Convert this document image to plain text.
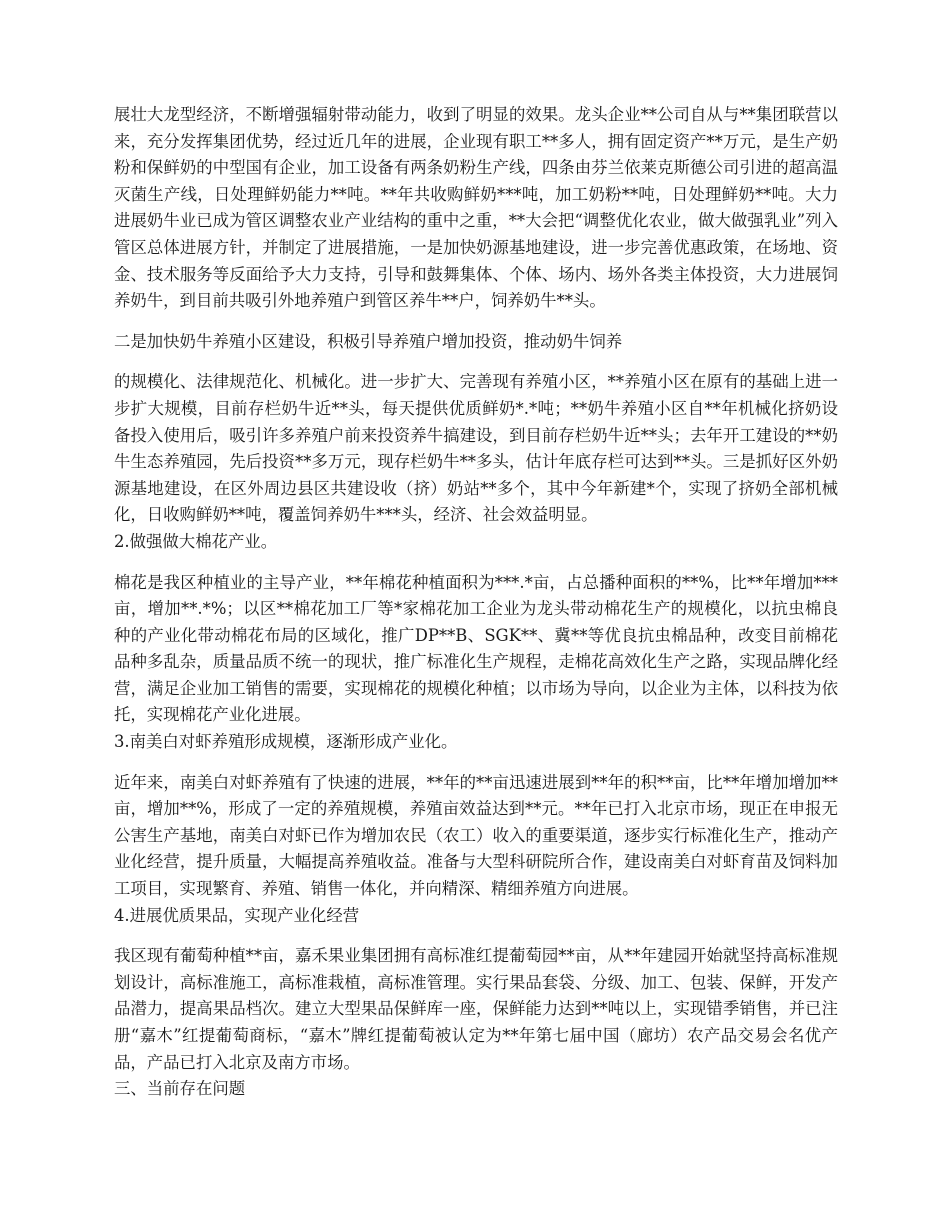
展壮大龙型经济，不断增强辐射带动能力，收到了明显的效果。龙头企业**公司自从与**集团联营以来，充分发挥集团优势，经过近几年的进展，企业现有职工**多人，拥有固定资产**万元，是生产奶粉和保鲜奶的中型国有企业，加工设备有两条奶粉生产线，四条由芬兰依莱克斯德公司引进的超高温灭菌生产线，日处理鲜奶能力**吨。**年共收购鲜奶***吨，加工奶粉**吨，日处理鲜奶**吨。大力进展奶牛业已成为管区调整农业产业结构的重中之重，**大会把“调整优化农业，做大做强乳业”列入管区总体进展方针，并制定了进展措施，一是加快奶源基地建设，进一步完善优惠政策，在场地、资金、技术服务等反面给予大力支持，引导和鼓舞集体、个体、场内、场外各类主体投资，大力进展饲养奶牛，到目前共吸引外地养殖户到管区养牛**户，饲养奶牛**头。

二是加快奶牛养殖小区建设，积极引导养殖户增加投资，推动奶牛饲养

的规模化、法律规范化、机械化。进一步扩大、完善现有养殖小区，**养殖小区在原有的基础上进一步扩大规模，目前存栏奶牛近**头，每天提供优质鲜奶*.*吨；**奶牛养殖小区自**年机械化挤奶设备投入使用后，吸引许多养殖户前来投资养牛搞建设，到目前存栏奶牛近**头；去年开工建设的**奶牛生态养殖园，先后投资**多万元，现存栏奶牛**多头，估计年底存栏可达到**头。三是抓好区外奶源基地建设，在区外周边县区共建设收（挤）奶站**多个，其中今年新建*个，实现了挤奶全部机械化，日收购鲜奶**吨，覆盖饲养奶牛***头，经济、社会效益明显。

2.做强做大棉花产业。

棉花是我区种植业的主导产业，**年棉花种植面积为***.*亩，占总播种面积的**%，比**年增加***亩，增加**.*%；以区**棉花加工厂等*家棉花加工企业为龙头带动棉花生产的规模化，以抗虫棉良种的产业化带动棉花布局的区域化，推广DP**B、SGK**、冀**等优良抗虫棉品种，改变目前棉花品种多乱杂，质量品质不统一的现状，推广标准化生产规程，走棉花高效化生产之路，实现品牌化经营，满足企业加工销售的需要，实现棉花的规模化种植；以市场为导向，以企业为主体，以科技为依托，实现棉花产业化进展。

3.南美白对虾养殖形成规模，逐渐形成产业化。

近年来，南美白对虾养殖有了快速的进展，**年的**亩迅速进展到**年的积**亩，比**年增加增加**亩，增加**%，形成了一定的养殖规模，养殖亩效益达到**元。**年已打入北京市场，现正在申报无公害生产基地，南美白对虾已作为增加农民（农工）收入的重要渠道，逐步实行标准化生产，推动产业化经营，提升质量，大幅提高养殖收益。准备与大型科研院所合作，建设南美白对虾育苗及饲料加工项目，实现繁育、养殖、销售一体化，并向精深、精细养殖方向进展。

4.进展优质果品，实现产业化经营

我区现有葡萄种植**亩，嘉禾果业集团拥有高标准红提葡萄园**亩，从**年建园开始就坚持高标准规划设计，高标准施工，高标准栽植，高标准管理。实行果品套袋、分级、加工、包装、保鲜，开发产品潜力，提高果品档次。建立大型果品保鲜库一座，保鲜能力达到**吨以上，实现错季销售，并已注册“嘉木”红提葡萄商标，“嘉木”牌红提葡萄被认定为**年第七届中国（廊坊）农产品交易会名优产品，产品已打入北京及南方市场。

三、当前存在问题
